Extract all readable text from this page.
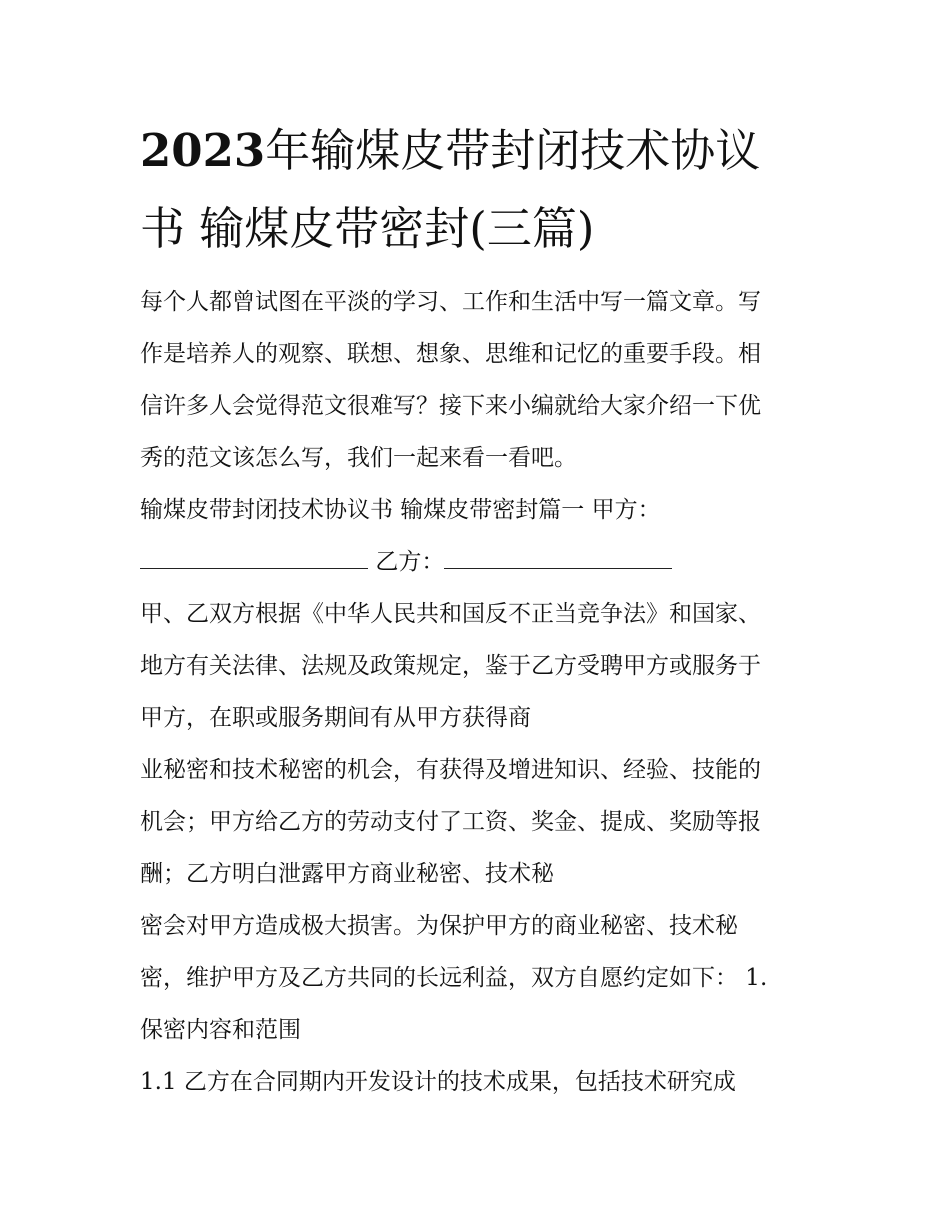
2023年输煤皮带封闭技术协议
书 输煤皮带密封(三篇)

每个人都曾试图在平淡的学习、工作和生活中写一篇文章。写
作是培养人的观察、联想、想象、思维和记忆的重要手段。相
信许多人会觉得范文很难写？接下来小编就给大家介绍一下优
秀的范文该怎么写，我们一起来看一看吧。

输煤皮带封闭技术协议书 输煤皮带密封篇一 甲方：

乙方：

甲、乙双方根据《中华人民共和国反不正当竞争法》和国家、
地方有关法律、法规及政策规定，鉴于乙方受聘甲方或服务于
甲方，在职或服务期间有从甲方获得商

业秘密和技术秘密的机会，有获得及增进知识、经验、技能的
机会；甲方给乙方的劳动支付了工资、奖金、提成、奖励等报
酬；乙方明白泄露甲方商业秘密、技术秘

密会对甲方造成极大损害。为保护甲方的商业秘密、技术秘
密，维护甲方及乙方共同的长远利益，双方自愿约定如下： 1.
保密内容和范围

1.1 乙方在合同期内开发设计的技术成果，包括技术研究成
